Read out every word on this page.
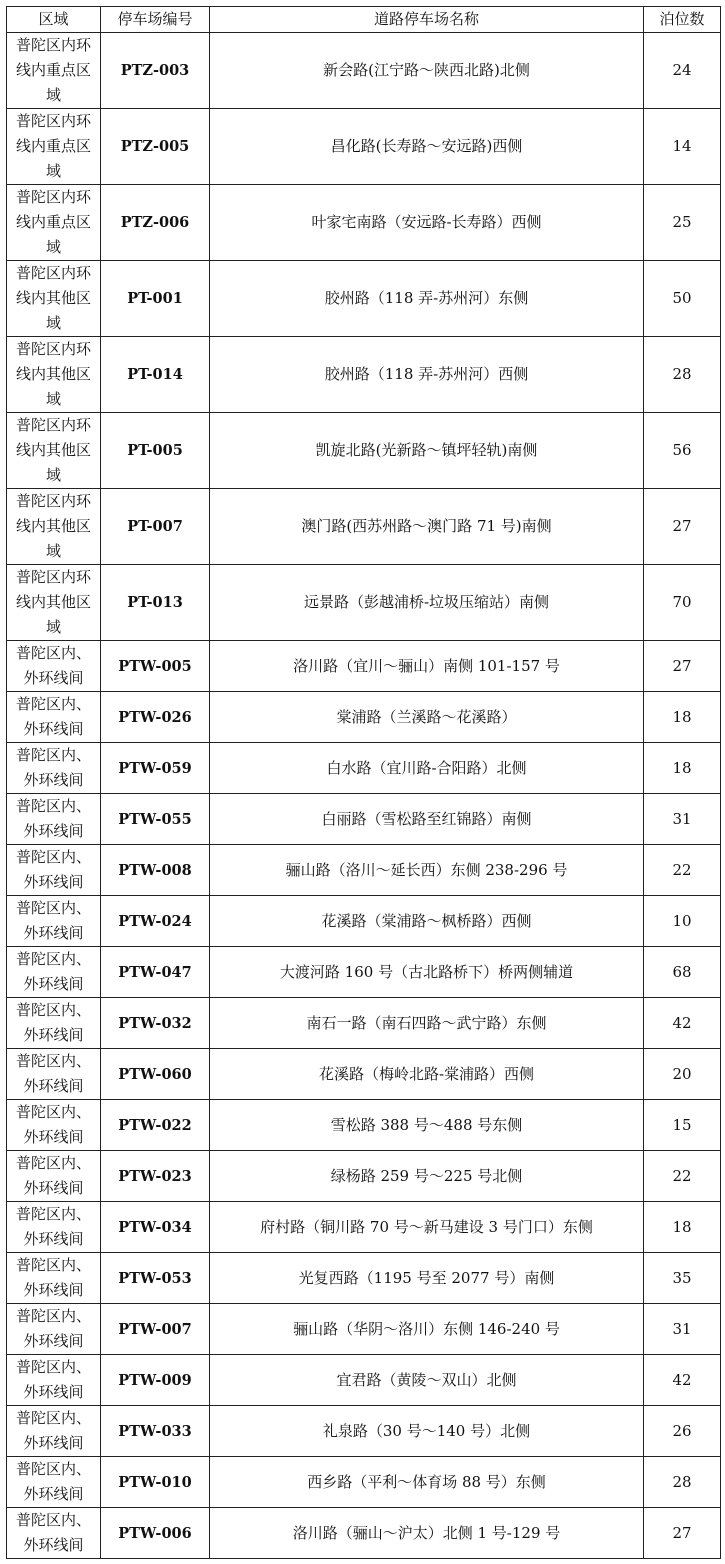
区域	停车场编号	道路停车场名称	泊位数
普陀区内环线内重点区域	PTZ-003	新会路(江宁路～陕西北路)北侧	24
普陀区内环线内重点区域	PTZ-005	昌化路(长寿路～安远路)西侧	14
普陀区内环线内重点区域	PTZ-006	叶家宅南路（安远路-长寿路）西侧	25
普陀区内环线内其他区域	PT-001	胶州路（118 弄-苏州河）东侧	50
普陀区内环线内其他区域	PT-014	胶州路（118 弄-苏州河）西侧	28
普陀区内环线内其他区域	PT-005	凯旋北路(光新路～镇坪轻轨)南侧	56
普陀区内环线内其他区域	PT-007	澳门路(西苏州路～澳门路 71 号)南侧	27
普陀区内环线内其他区域	PT-013	远景路（彭越浦桥-垃圾压缩站）南侧	70
普陀区内、外环线间	PTW-005	洛川路（宜川～骊山）南侧 101-157 号	27
普陀区内、外环线间	PTW-026	棠浦路（兰溪路～花溪路）	18
普陀区内、外环线间	PTW-059	白水路（宜川路-合阳路）北侧	18
普陀区内、外环线间	PTW-055	白丽路（雪松路至红锦路）南侧	31
普陀区内、外环线间	PTW-008	骊山路（洛川～延长西）东侧 238-296 号	22
普陀区内、外环线间	PTW-024	花溪路（棠浦路～枫桥路）西侧	10
普陀区内、外环线间	PTW-047	大渡河路 160 号（古北路桥下）桥两侧辅道	68
普陀区内、外环线间	PTW-032	南石一路（南石四路～武宁路）东侧	42
普陀区内、外环线间	PTW-060	花溪路（梅岭北路-棠浦路）西侧	20
普陀区内、外环线间	PTW-022	雪松路 388 号～488 号东侧	15
普陀区内、外环线间	PTW-023	绿杨路 259 号～225 号北侧	22
普陀区内、外环线间	PTW-034	府村路（铜川路 70 号～新马建设 3 号门口）东侧	18
普陀区内、外环线间	PTW-053	光复西路（1195 号至 2077 号）南侧	35
普陀区内、外环线间	PTW-007	骊山路（华阴～洛川）东侧 146-240 号	31
普陀区内、外环线间	PTW-009	宜君路（黄陵～双山）北侧	42
普陀区内、外环线间	PTW-033	礼泉路（30 号～140 号）北侧	26
普陀区内、外环线间	PTW-010	西乡路（平利～体育场 88 号）东侧	28
普陀区内、外环线间	PTW-006	洛川路（骊山～沪太）北侧 1 号-129 号	27
